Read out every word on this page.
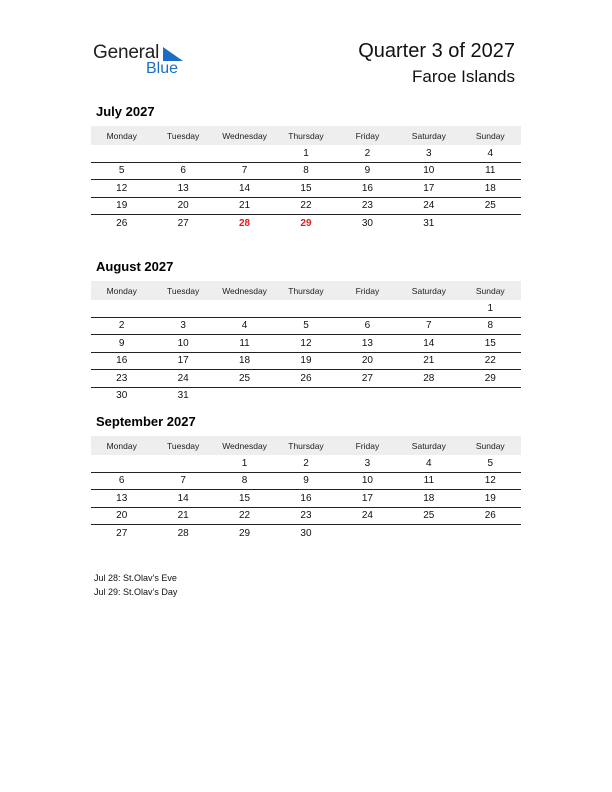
General
Blue
Quarter 3 of 2027
Faroe Islands
July 2027
Monday	Tuesday	Wednesday	Thursday	Friday	Saturday	Sunday
			1	2	3	4
5	6	7	8	9	10	11
12	13	14	15	16	17	18
19	20	21	22	23	24	25
26	27	28	29	30	31	
August 2027
Monday	Tuesday	Wednesday	Thursday	Friday	Saturday	Sunday
						1
2	3	4	5	6	7	8
9	10	11	12	13	14	15
16	17	18	19	20	21	22
23	24	25	26	27	28	29
30	31					
September 2027
Monday	Tuesday	Wednesday	Thursday	Friday	Saturday	Sunday
		1	2	3	4	5
6	7	8	9	10	11	12
13	14	15	16	17	18	19
20	21	22	23	24	25	26
27	28	29	30			
Jul 28: St.Olav’s Eve
Jul 29: St.Olav’s Day
